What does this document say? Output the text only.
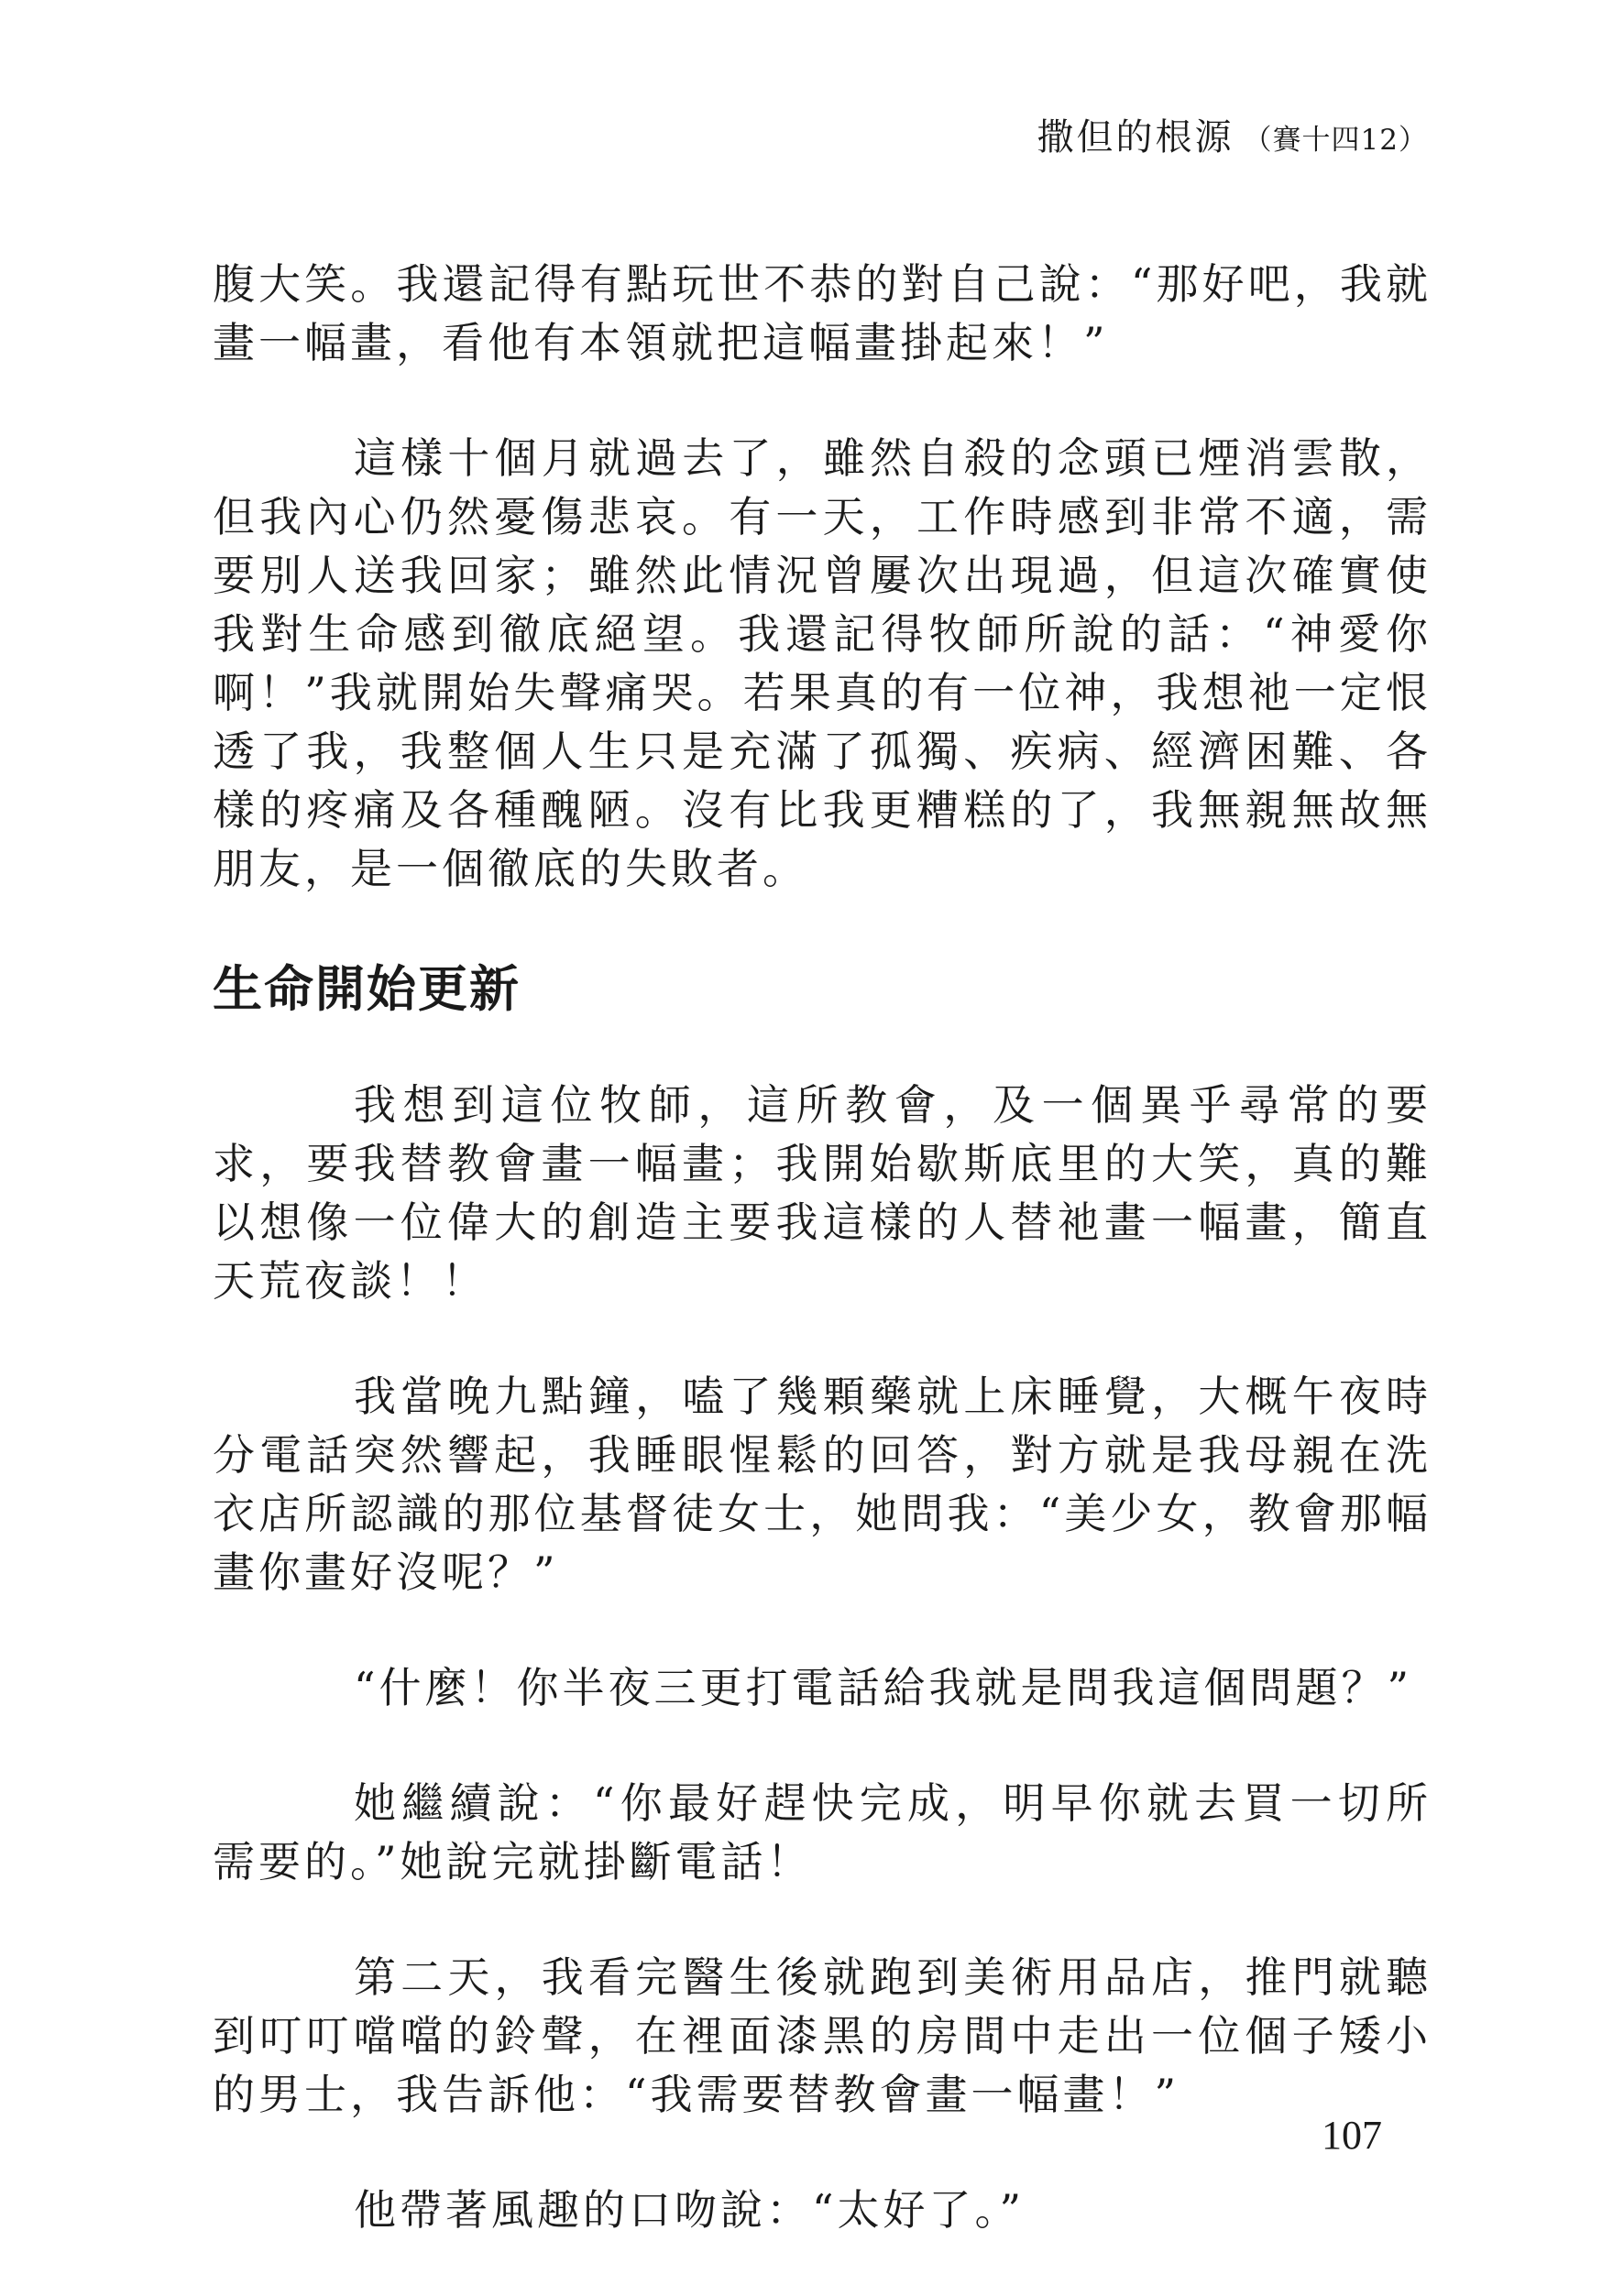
撒但的根源 （賽十四12）

腹大笑。我還記得有點玩世不恭的對自己說：“那好吧，我就畫一幅畫，看他有本領就把這幅畫掛起來！”

這樣十個月就過去了，雖然自殺的念頭已煙消雲散，但我內心仍然憂傷悲哀。有一天，工作時感到非常不適，需要別人送我回家；雖然此情況曾屢次出現過，但這次確實使我對生命感到徹底絕望。我還記得牧師所說的話：“神愛你啊！”我就開始失聲痛哭。若果真的有一位神，我想祂一定恨透了我，我整個人生只是充滿了孤獨、疾病、經濟困難、各樣的疼痛及各種醜陋。沒有比我更糟糕的了，我無親無故無朋友，是一個徹底的失敗者。

生命開始更新

我想到這位牧師，這所教會，及一個異乎尋常的要求，要我替教會畫一幅畫；我開始歇斯底里的大笑，真的難以想像一位偉大的創造主要我這樣的人替祂畫一幅畫，簡直天荒夜談！！

我當晚九點鐘，嗑了幾顆藥就上床睡覺，大概午夜時分電話突然響起，我睡眼惺鬆的回答，對方就是我母親在洗衣店所認識的那位基督徒女士，她問我：“美少女，教會那幅畫你畫好沒呢？”

“什麼！你半夜三更打電話給我就是問我這個問題？”

她繼續說：“你最好趕快完成，明早你就去買一切所需要的。”她說完就掛斷電話！

第二天，我看完醫生後就跑到美術用品店，推門就聽到叮叮噹噹的鈴聲，在裡面漆黑的房間中走出一位個子矮小的男士，我告訴他：“我需要替教會畫一幅畫！”

他帶著風趣的口吻說：“太好了。”

107
